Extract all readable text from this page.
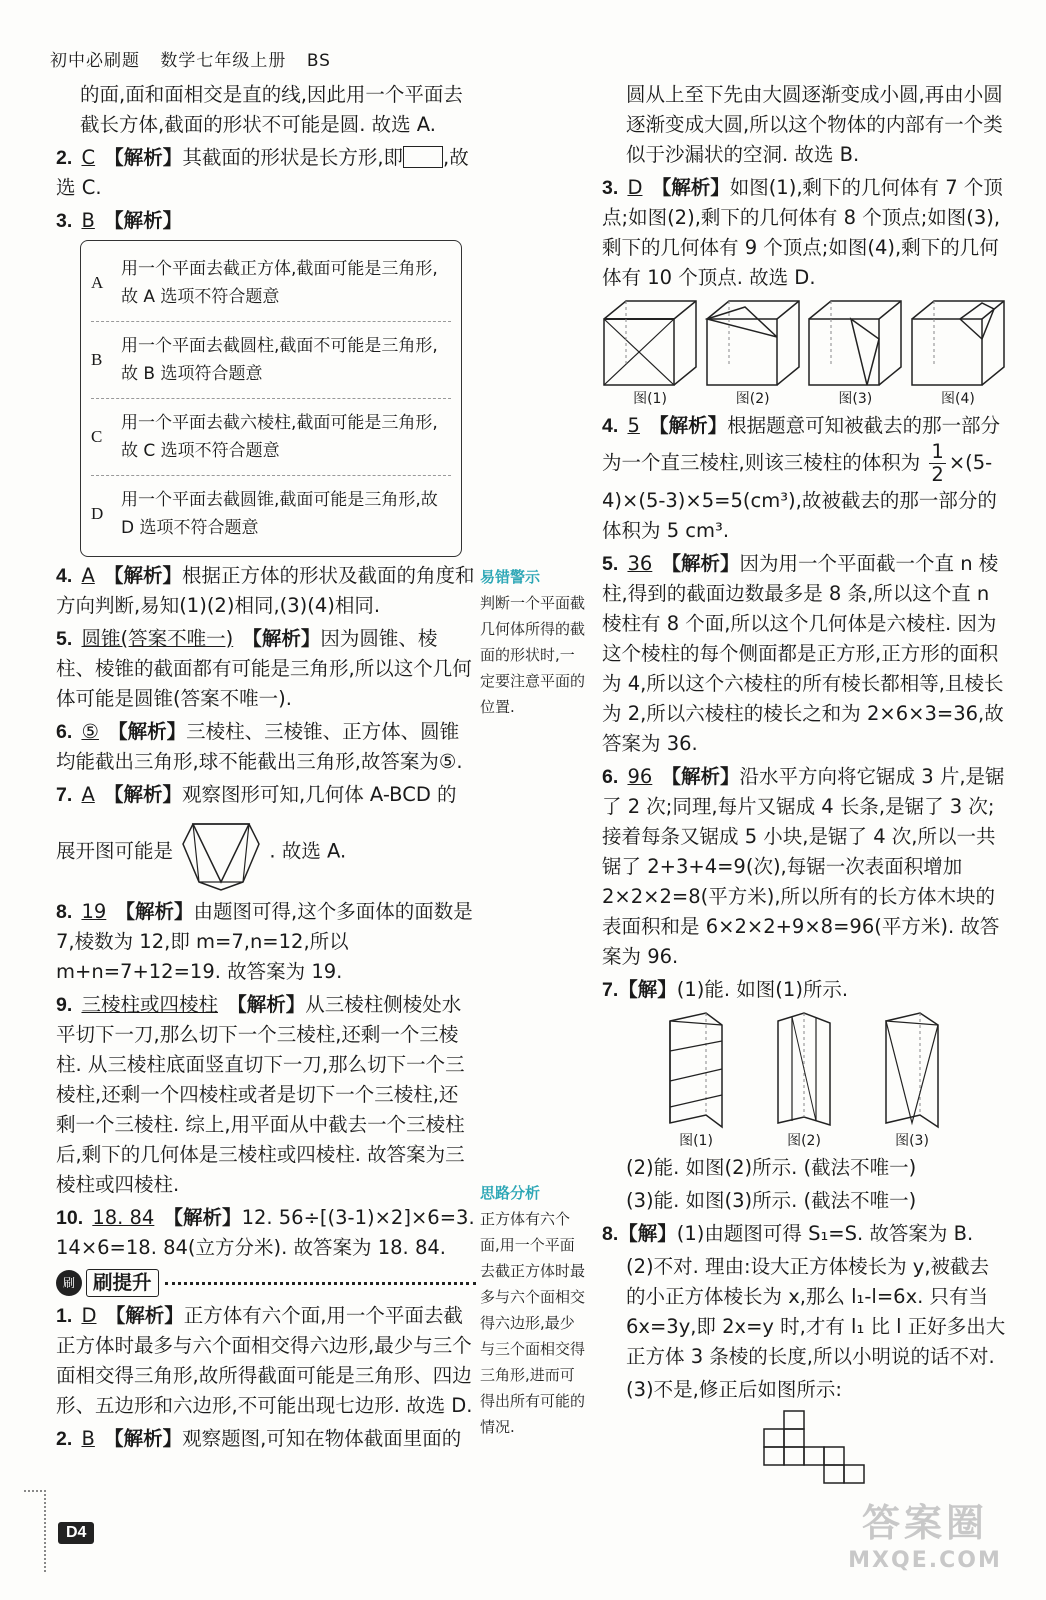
初中必刷题 数学七年级上册 BS

的面,面和面相交是直的线,因此用一个平面去截长方体,截面的形状不可能是圆. 故选 A.

2. C 【解析】其截面的形状是长方形,即 ,故选 C.

3. B 【解析】

A
用一个平面去截正方体,截面可能是三角形,故 A 选项不符合题意
B
用一个平面去截圆柱,截面不可能是三角形,故 B 选项符合题意
C
用一个平面去截六棱柱,截面可能是三角形,故 C 选项不符合题意
D
用一个平面去截圆锥,截面可能是三角形,故 D 选项不符合题意

4. A 【解析】根据正方体的形状及截面的角度和方向判断,易知(1)(2)相同,(3)(4)相同.

5. 圆锥(答案不唯一) 【解析】因为圆锥、棱柱、棱锥的截面都有可能是三角形,所以这个几何体可能是圆锥(答案不唯一).

6. ⑤ 【解析】三棱柱、三棱锥、正方体、圆锥均能截出三角形,球不能截出三角形,故答案为⑤.

7. A 【解析】观察图形可知,几何体 A-BCD 的
展开图可能是	. 故选 A.

8. 19 【解析】由题图可得,这个多面体的面数是7,棱数为 12,即 m=7,n=12,所以 m+n=7+12=19. 故答案为 19.

9. 三棱柱或四棱柱 【解析】从三棱柱侧棱处水平切下一刀,那么切下一个三棱柱,还剩一个三棱柱. 从三棱柱底面竖直切下一刀,那么切下一个三棱柱,还剩一个四棱柱或者是切下一个三棱柱,还剩一个三棱柱. 综上,用平面从中截去一个三棱柱后,剩下的几何体是三棱柱或四棱柱. 故答案为三棱柱或四棱柱.

10. 18. 84 【解析】12. 56÷[(3-1)×2]×6=3. 14×6=18. 84(立方分米). 故答案为 18. 84.

刷 刷提升

1. D 【解析】正方体有六个面,用一个平面去截正方体时最多与六个面相交得六边形,最少与三个面相交得三角形,故所得截面可能是三角形、四边形、五边形和六边形,不可能出现七边形. 故选 D.

2. B 【解析】观察题图,可知在物体截面里面的

易错警示
判断一个平面截几何体所得的截面的形状时,一定要注意平面的位置.
思路分析
正方体有六个面,用一个平面去截正方体时最多与六个面相交得六边形,最少与三个面相交得三角形,进而可得出所有可能的情况.

圆从上至下先由大圆逐渐变成小圆,再由小圆逐渐变成大圆,所以这个物体的内部有一个类似于沙漏状的空洞. 故选 B.

3. D 【解析】如图(1),剩下的几何体有 7 个顶点;如图(2),剩下的几何体有 8 个顶点;如图(3),剩下的几何体有 9 个顶点;如图(4),剩下的几何体有 10 个顶点. 故选 D.

图(1)	图(2)	图(3)	图(4)

4. 5 【解析】根据题意可知被截去的那一部分为一个直三棱柱,则该三棱柱的体积为 $\frac{1}{2} \times(5-4)\times(5-3)\times 5=5(cm^3)$,故被截去的那一部分的体积为 5 cm³.

5. 36 【解析】因为用一个平面截一个直 n 棱柱,得到的截面边数最多是 8 条,所以这个直 n 棱柱有 8 个面,所以这个几何体是六棱柱. 因为这个棱柱的每个侧面都是正方形,正方形的面积为 4,所以这个六棱柱的所有棱长都相等,且棱长为 2,所以六棱柱的棱长之和为 2×6×3=36,故答案为 36.

6. 96 【解析】沿水平方向将它锯成 3 片,是锯了 2 次;同理,每片又锯成 4 长条,是锯了 3 次;接着每条又锯成 5 小块,是锯了 4 次,所以一共锯了 2+3+4=9(次),每锯一次表面积增加 2×2×2=8(平方米),所以所有的长方体木块的表面积和是 6×2×2+9×8=96(平方米). 故答案为 96.

7.【解】(1)能. 如图(1)所示.

图(1)	图(2)	图(3)

(2)能. 如图(2)所示. (截法不唯一)

(3)能. 如图(3)所示. (截法不唯一)

8.【解】(1)由题图可得 S₁=S. 故答案为 B.

(2)不对. 理由:设大正方体棱长为 y,被截去的小正方体棱长为 x,那么 l₁-l=6x. 只有当 6x=3y,即 2x=y 时,才有 l₁ 比 l 正好多出大正方体 3 条棱的长度,所以小明说的话不对.

(3)不是,修正后如图所示:

D4	答案圈
MXQE.COM
